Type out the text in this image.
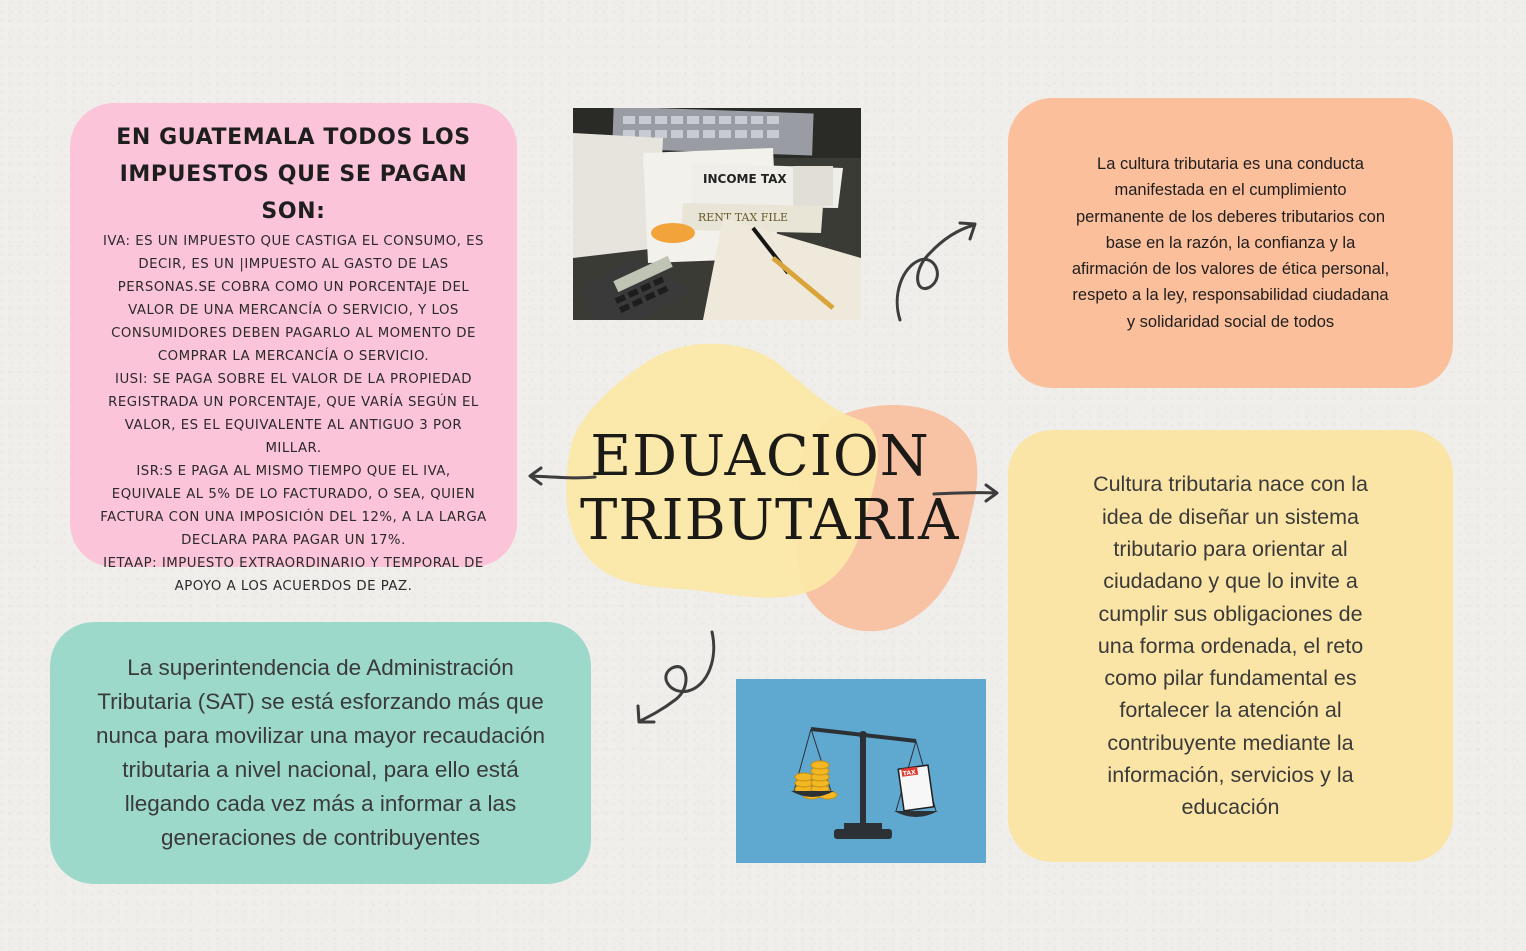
EDUACION
TRIBUTARIA
EN GUATEMALA TODOS LOS
IMPUESTOS QUE SE PAGAN SON:
IVA: ES UN IMPUESTO QUE CASTIGA EL CONSUMO, ES
DECIR, ES UN |IMPUESTO AL GASTO DE LAS
PERSONAS.SE COBRA COMO UN PORCENTAJE DEL
VALOR DE UNA MERCANCÍA O SERVICIO, Y LOS
CONSUMIDORES DEBEN PAGARLO AL MOMENTO DE
COMPRAR LA MERCANCÍA O SERVICIO.
IUSI: SE PAGA SOBRE EL VALOR DE LA PROPIEDAD
REGISTRADA UN PORCENTAJE, QUE VARÍA SEGÚN EL
VALOR, ES EL EQUIVALENTE AL ANTIGUO 3 POR
MILLAR.
ISR:S E PAGA AL MISMO TIEMPO QUE EL IVA,
EQUIVALE AL 5% DE LO FACTURADO, O SEA, QUIEN
FACTURA CON UNA IMPOSICIÓN DEL 12%, A LA LARGA
DECLARA PARA PAGAR UN 17%.
IETAAP: IMPUESTO EXTRAORDINARIO Y TEMPORAL DE
APOYO A LOS ACUERDOS DE PAZ.
La cultura tributaria es una conducta
manifestada en el cumplimiento
permanente de los deberes tributarios con
base en la razón, la confianza y la
afirmación de los valores de ética personal,
respeto a la ley, responsabilidad ciudadana
y solidaridad social de todos
Cultura tributaria nace con la
idea de diseñar un sistema
tributario para orientar al
ciudadano y que lo invite a
cumplir sus obligaciones de
una forma ordenada, el reto
como pilar fundamental es
fortalecer la atención al
contribuyente mediante la
información, servicios y la
educación
La superintendencia de Administración
Tributaria (SAT) se está esforzando más que
nunca para movilizar una mayor recaudación
tributaria a nivel nacional, para ello está
llegando cada vez más a informar a las
generaciones de contribuyentes
INCOME TAX
RENT TAX FILE
TAX
